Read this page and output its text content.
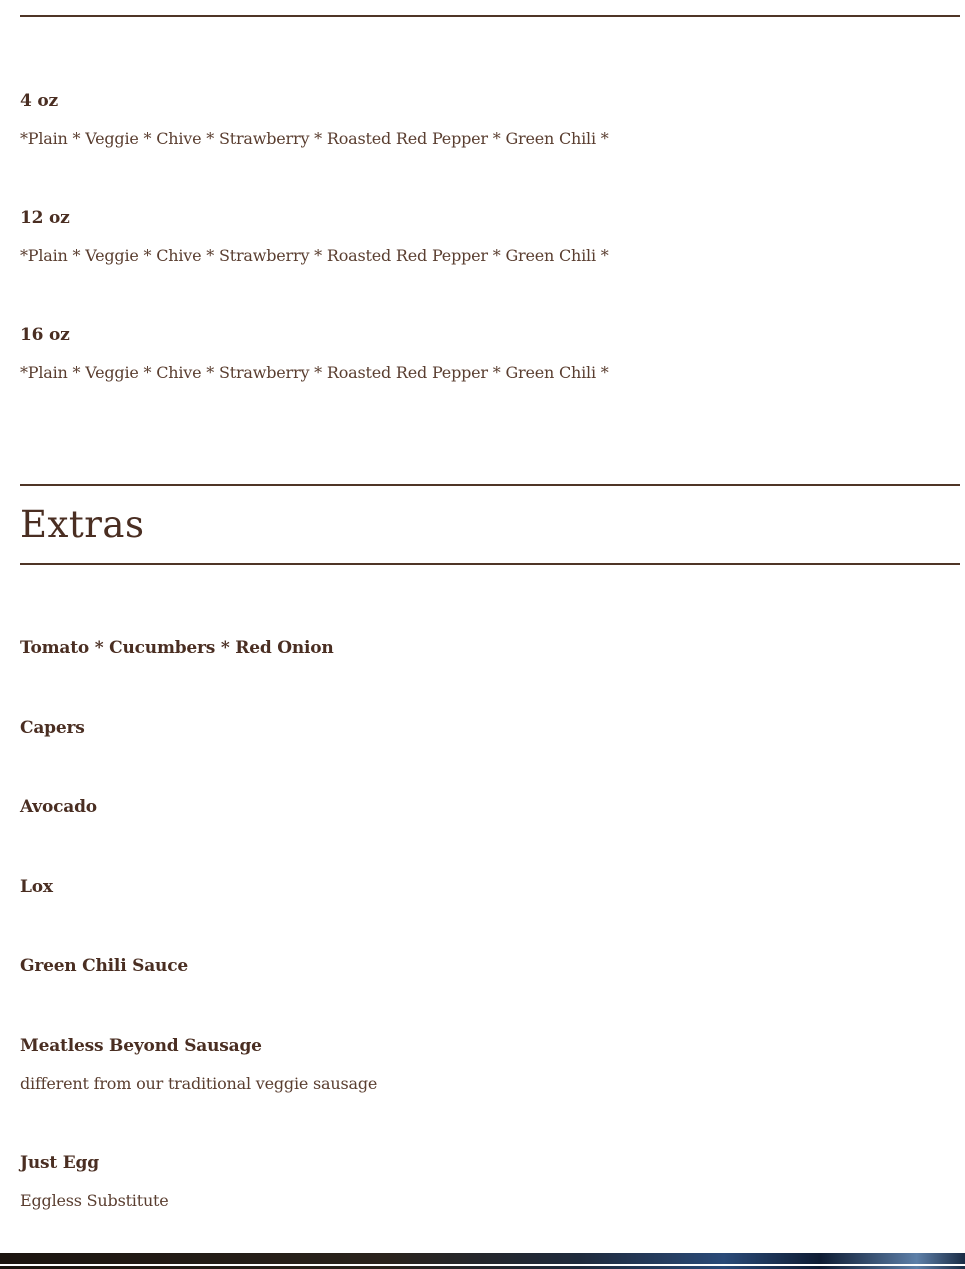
4 oz
*Plain * Veggie * Chive * Strawberry * Roasted Red Pepper * Green Chili *
12 oz
*Plain * Veggie * Chive * Strawberry * Roasted Red Pepper * Green Chili *
16 oz
*Plain * Veggie * Chive * Strawberry * Roasted Red Pepper * Green Chili *
Extras
Tomato * Cucumbers * Red Onion
Capers
Avocado
Lox
Green Chili Sauce
Meatless Beyond Sausage
different from our traditional veggie sausage
Just Egg
Eggless Substitute
